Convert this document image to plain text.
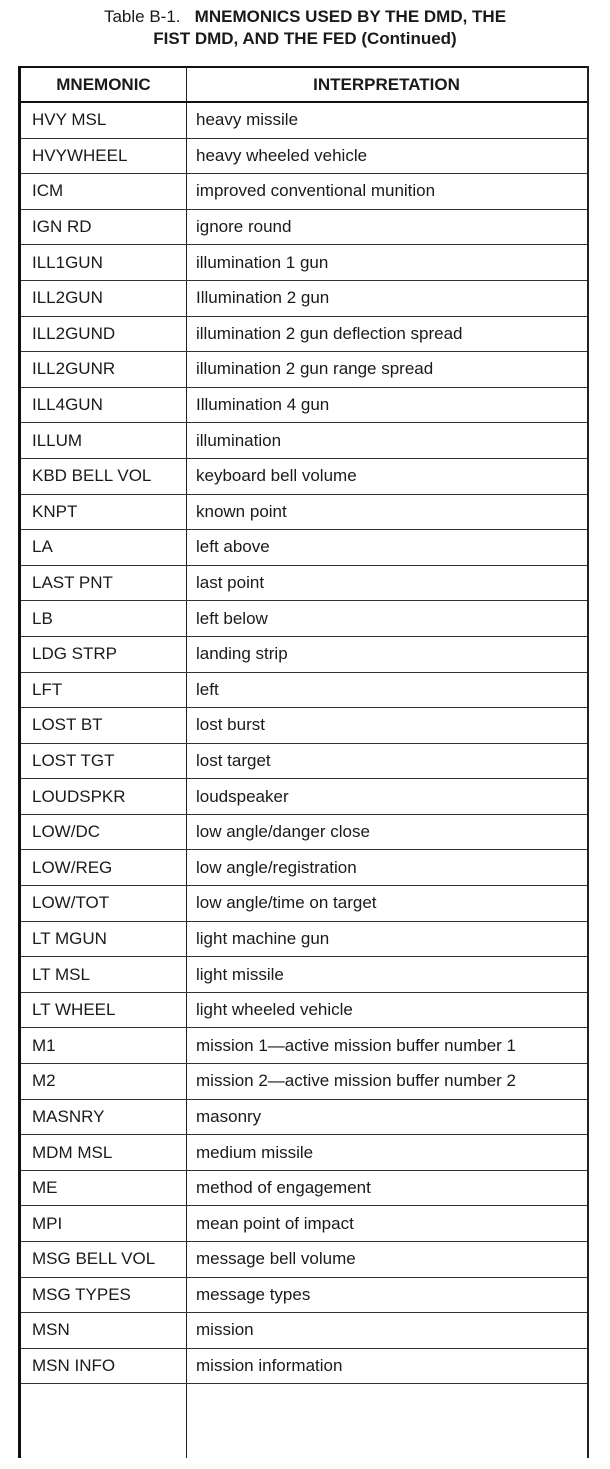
Table B-1. MNEMONICS USED BY THE DMD, THE
FIST DMD, AND THE FED (Continued)
MNEMONIC	INTERPRETATION
HVY MSL	heavy missile
HVYWHEEL	heavy wheeled vehicle
ICM	improved conventional munition
IGN RD	ignore round
ILL1GUN	illumination 1 gun
ILL2GUN	Illumination 2 gun
ILL2GUND	illumination 2 gun deflection spread
ILL2GUNR	illumination 2 gun range spread
ILL4GUN	Illumination 4 gun
ILLUM	illumination
KBD BELL VOL	keyboard bell volume
KNPT	known point
LA	left above
LAST PNT	last point
LB	left below
LDG STRP	landing strip
LFT	left
LOST BT	lost burst
LOST TGT	lost target
LOUDSPKR	loudspeaker
LOW/DC	low angle/danger close
LOW/REG	low angle/registration
LOW/TOT	low angle/time on target
LT MGUN	light machine gun
LT MSL	light missile
LT WHEEL	light wheeled vehicle
M1	mission 1—active mission buffer number 1
M2	mission 2—active mission buffer number 2
MASNRY	masonry
MDM MSL	medium missile
ME	method of engagement
MPI	mean point of impact
MSG BELL VOL	message bell volume
MSG TYPES	message types
MSN	mission
MSN INFO	mission information
